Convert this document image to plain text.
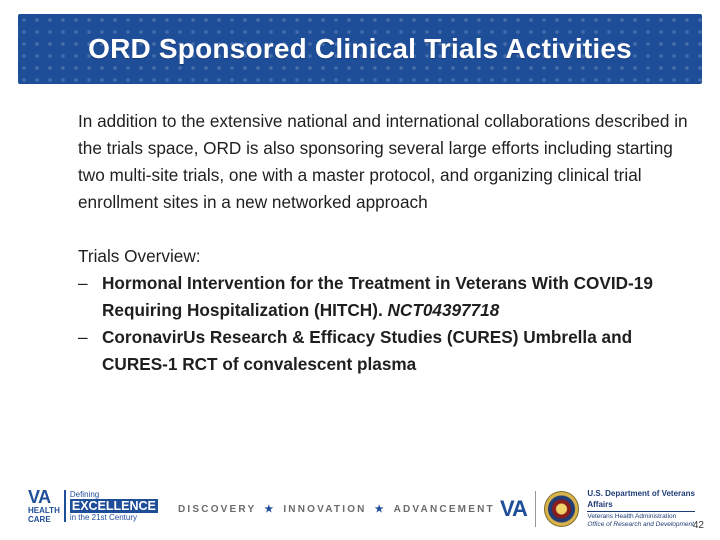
ORD Sponsored Clinical Trials Activities

In addition to the extensive national and international collaborations described in the trials space, ORD is also sponsoring several large efforts including starting two multi-site trials, one with a master protocol, and organizing clinical trial enrollment sites in a new networked approach

Trials Overview:

– Hormonal Intervention for the Treatment in Veterans With COVID-19 Requiring Hospitalization (HITCH). NCT04397718

– CoronavirUs Research & Efficacy Studies (CURES) Umbrella and CURES-1 RCT of convalescent plasma

VA
HEALTH
CARE
Defining
EXCELLENCE
in the 21st Century
DISCOVERY ★ INNOVATION ★ ADVANCEMENT VA
U.S. Department of Veterans Affairs
Veterans Health Administration
Office of Research and Development
42
